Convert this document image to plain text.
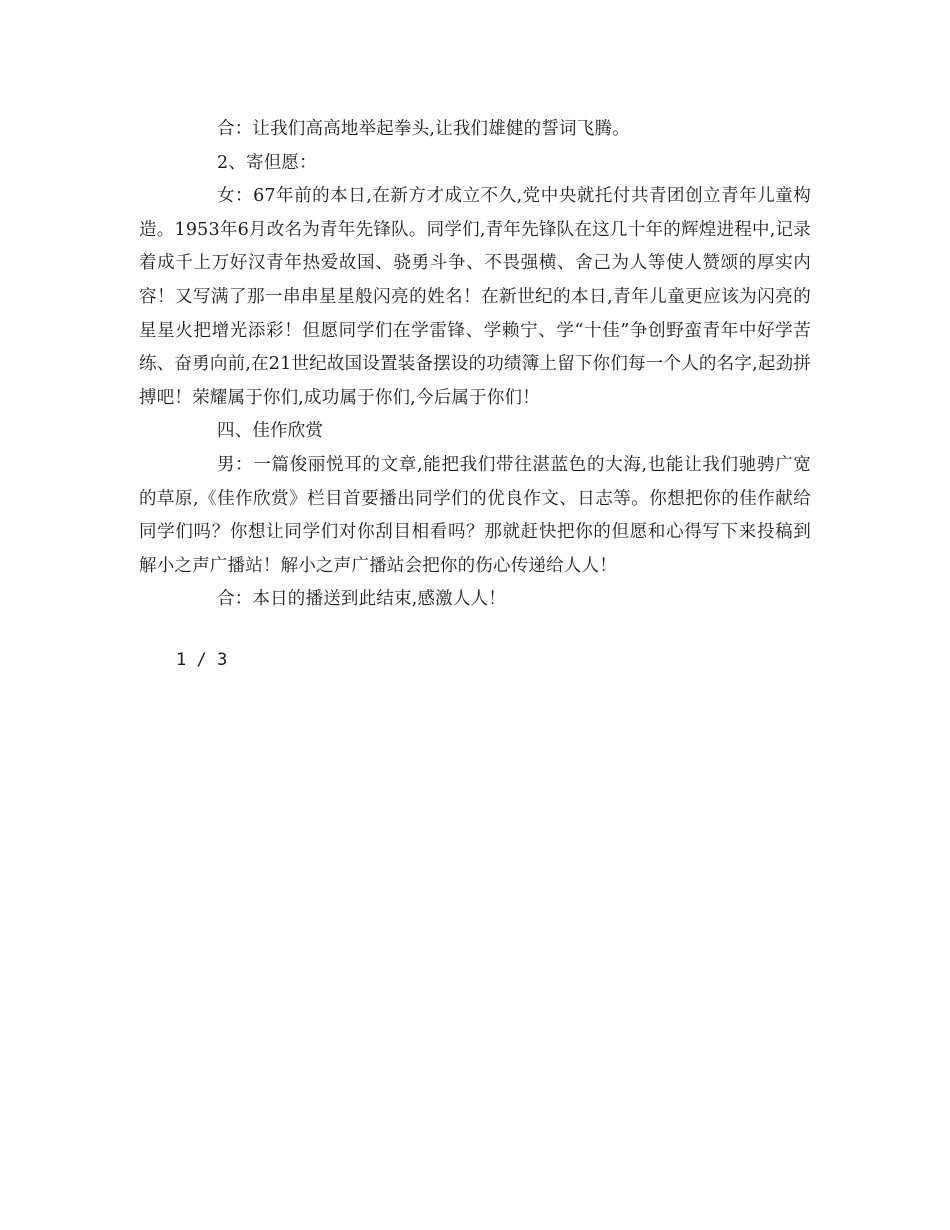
合：让我们高高地举起拳头,让我们雄健的誓词飞腾。

2、寄但愿：

女：67年前的本日,在新方才成立不久,党中央就托付共青团创立青年儿童构造。1953年6月改名为青年先锋队。同学们,青年先锋队在这几十年的辉煌进程中,记录着成千上万好汉青年热爱故国、骁勇斗争、不畏强横、舍己为人等使人赞颂的厚实内容！又写满了那一串串星星般闪亮的姓名！在新世纪的本日,青年儿童更应该为闪亮的星星火把增光添彩！但愿同学们在学雷锋、学赖宁、学“十佳”争创野蛮青年中好学苦练、奋勇向前,在21世纪故国设置装备摆设的功绩簿上留下你们每一个人的名字,起劲拼搏吧！荣耀属于你们,成功属于你们,今后属于你们！

四、佳作欣赏

男：一篇俊丽悦耳的文章,能把我们带往湛蓝色的大海,也能让我们驰骋广宽的草原,《佳作欣赏》栏目首要播出同学们的优良作文、日志等。你想把你的佳作献给同学们吗？你想让同学们对你刮目相看吗？那就赶快把你的但愿和心得写下来投稿到解小之声广播站！解小之声广播站会把你的伤心传递给人人！

合：本日的播送到此结束,感激人人！

1 / 3
